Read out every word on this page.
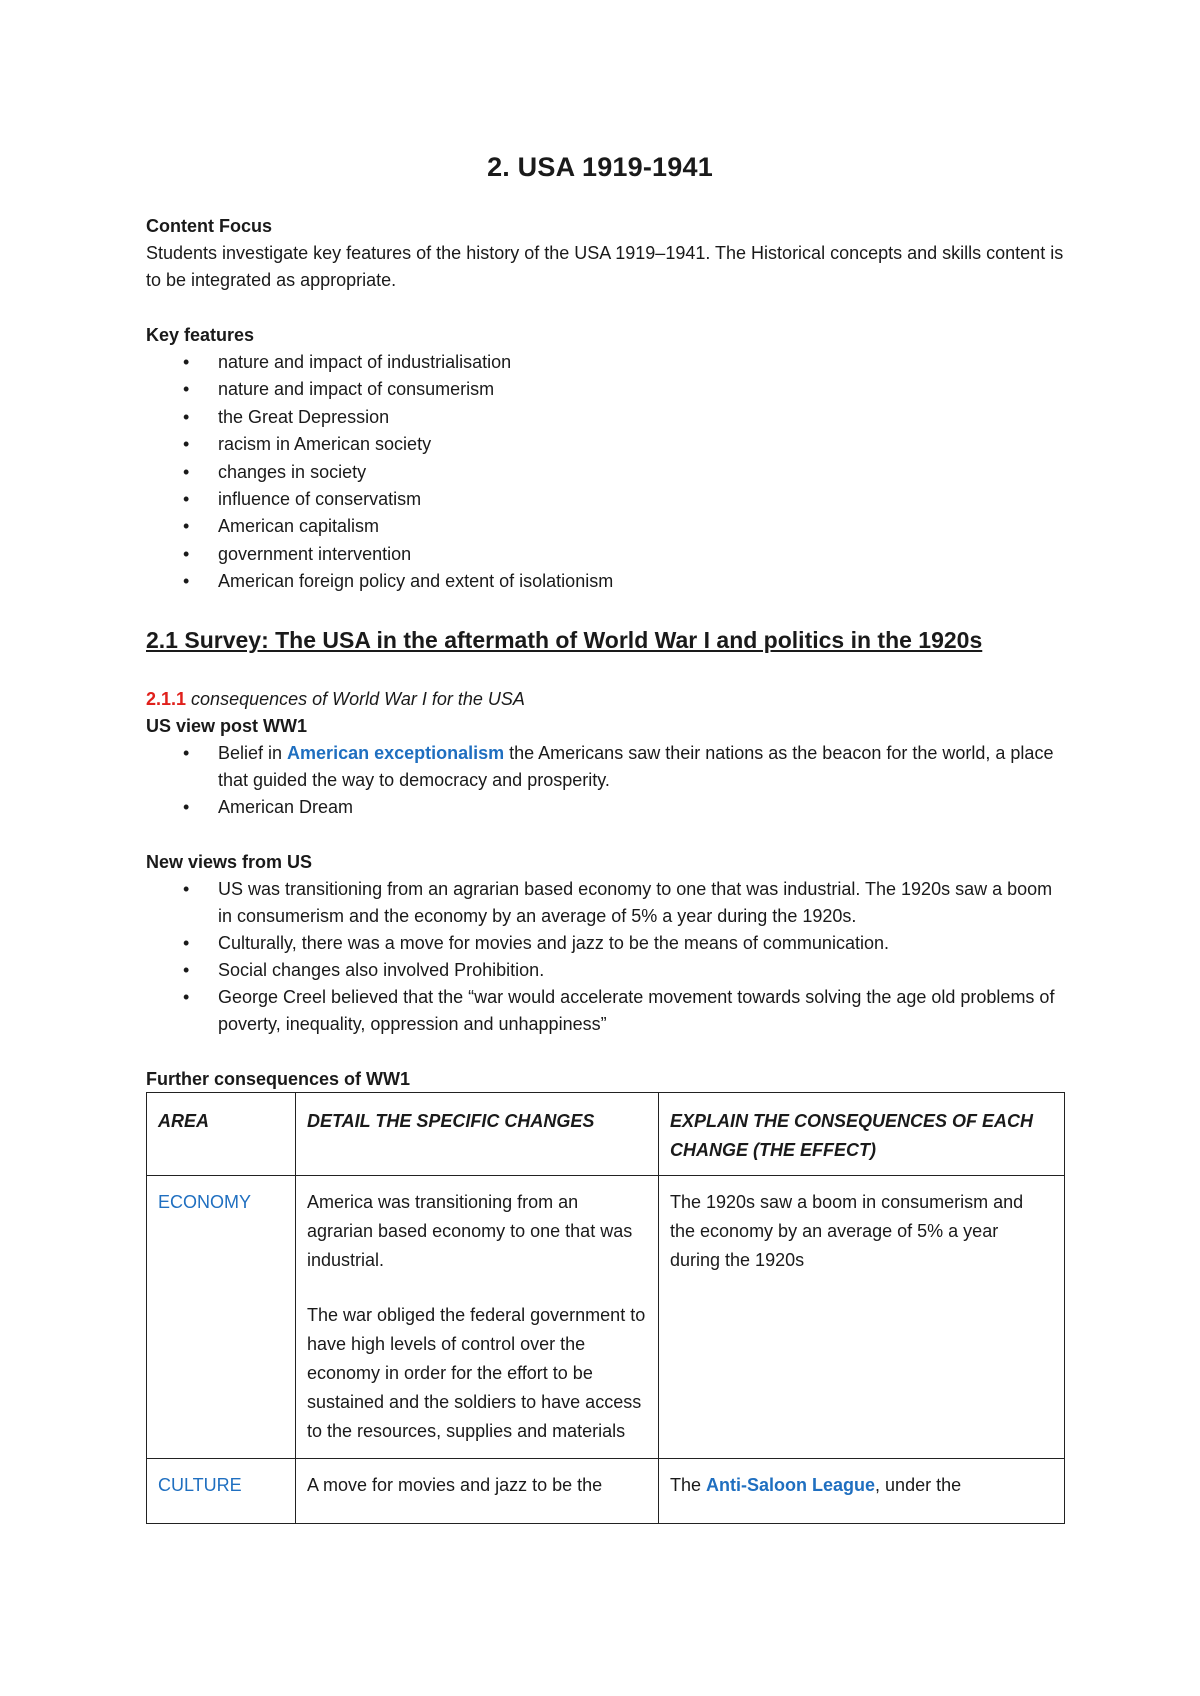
2. USA 1919-1941
Content Focus
Students investigate key features of the history of the USA 1919–1941. The Historical concepts and skills content is to be integrated as appropriate.
Key features
• nature and impact of industrialisation
• nature and impact of consumerism
• the Great Depression
• racism in American society
• changes in society
• influence of conservatism
• American capitalism
• government intervention
• American foreign policy and extent of isolationism
2.1 Survey: The USA in the aftermath of World War I and politics in the 1920s
2.1.1 consequences of World War I for the USA
US view post WW1
• Belief in American exceptionalism the Americans saw their nations as the beacon for the world, a place that guided the way to democracy and prosperity.
• American Dream
New views from US
• US was transitioning from an agrarian based economy to one that was industrial. The 1920s saw a boom in consumerism and the economy by an average of 5% a year during the 1920s.
• Culturally, there was a move for movies and jazz to be the means of communication.
• Social changes also involved Prohibition.
• George Creel believed that the “war would accelerate movement towards solving the age old problems of poverty, inequality, oppression and unhappiness”
Further consequences of WW1
AREA	DETAIL THE SPECIFIC CHANGES	EXPLAIN THE CONSEQUENCES OF EACH CHANGE (THE EFFECT)
ECONOMY	America was transitioning from an agrarian based economy to one that was industrial.
The war obliged the federal government to have high levels of control over the economy in order for the effort to be sustained and the soldiers to have access to the resources, supplies and materials	The 1920s saw a boom in consumerism and the economy by an average of 5% a year during the 1920s
CULTURE	A move for movies and jazz to be the	The Anti-Saloon League, under the
